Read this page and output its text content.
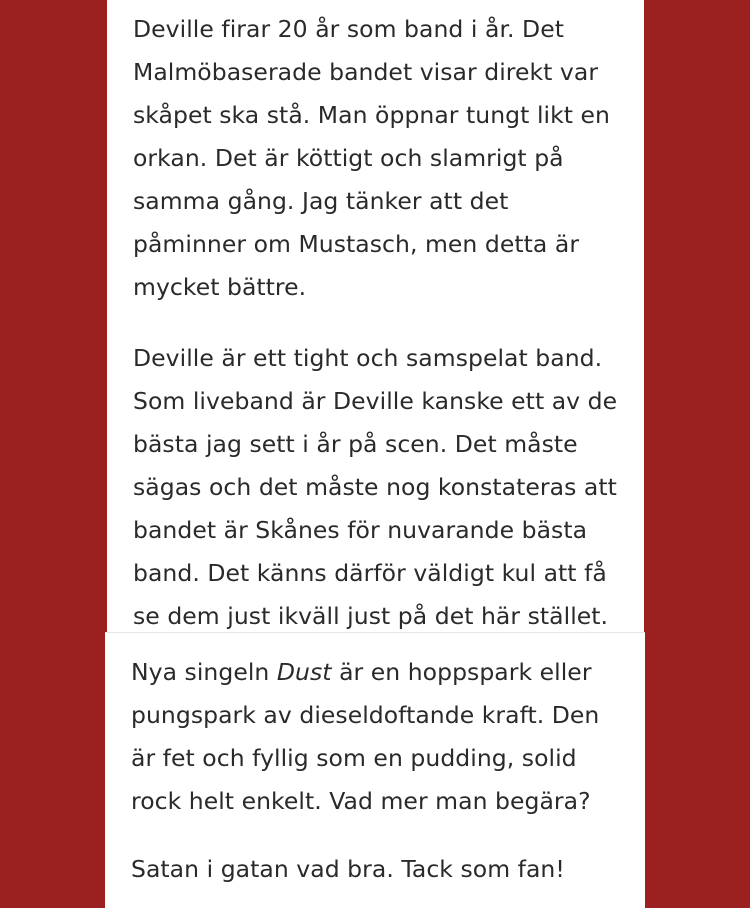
Deville firar 20 år som band i år. Det
Malmöbaserade bandet visar direkt var
skåpet ska stå. Man öppnar tungt likt en
orkan. Det är köttigt och slamrigt på
samma gång. Jag tänker att det
påminner om Mustasch, men detta är
mycket bättre.

Deville är ett tight och samspelat band.
Som liveband är Deville kanske ett av de
bästa jag sett i år på scen. Det måste
sägas och det måste nog konstateras att
bandet är Skånes för nuvarande bästa
band. Det känns därför väldigt kul att få
se dem just ikväll just på det här stället.

Nya singeln Dust är en hoppspark eller
pungspark av dieseldoftande kraft. Den
är fet och fyllig som en pudding, solid
rock helt enkelt. Vad mer man begära?

Satan i gatan vad bra. Tack som fan!
